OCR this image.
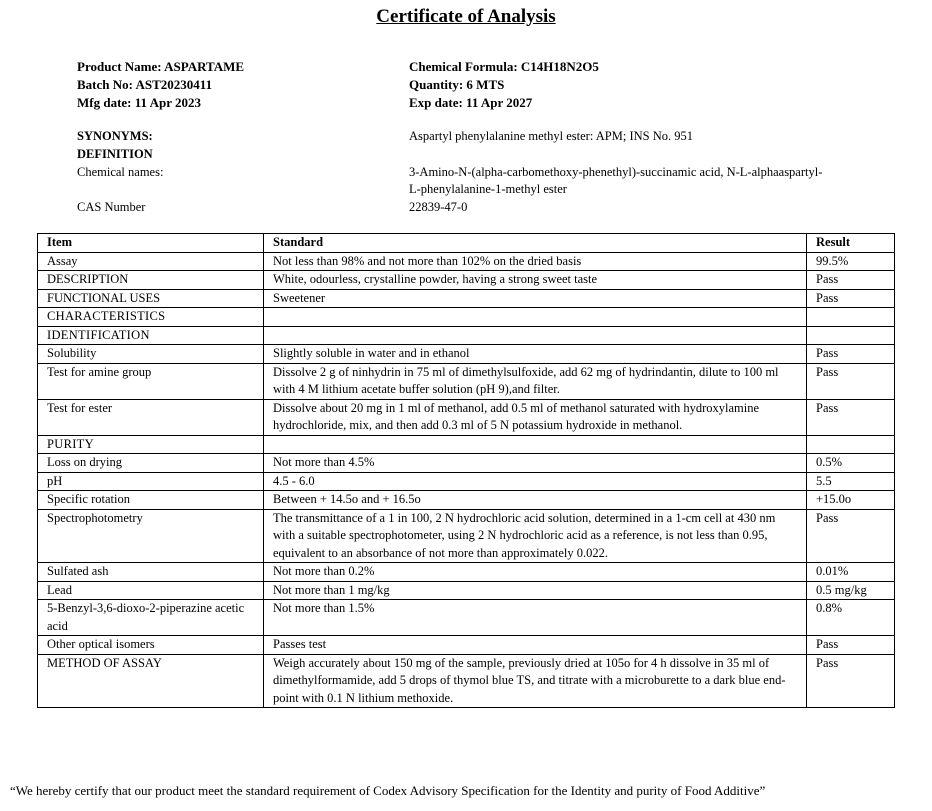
Certificate of Analysis
Product Name: ASPARTAME
Batch No: AST20230411
Mfg date: 11 Apr 2023
Chemical Formula: C14H18N2O5
Quantity: 6 MTS
Exp date: 11 Apr 2027
SYNONYMS:	Aspartyl phenylalanine methyl ester: APM; INS No. 951
DEFINITION
Chemical names:	3-Amino-N-(alpha-carbomethoxy-phenethyl)-succinamic acid, N-L-alphaaspartyl-
L-phenylalanine-1-methyl ester
CAS Number	22839-47-0
Item	Standard	Result
Assay	Not less than 98% and not more than 102% on the dried basis	99.5%
DESCRIPTION	White, odourless, crystalline powder, having a strong sweet taste	Pass
FUNCTIONAL USES	Sweetener	Pass
CHARACTERISTICS		
IDENTIFICATION		
Solubility	Slightly soluble in water and in ethanol	Pass
Test for amine group	Dissolve 2 g of ninhydrin in 75 ml of dimethylsulfoxide, add 62 mg of hydrindantin, dilute to 100 ml with 4 M lithium acetate buffer solution (pH 9),and filter.	Pass
Test for ester	Dissolve about 20 mg in 1 ml of methanol, add 0.5 ml of methanol saturated with hydroxylamine hydrochloride, mix, and then add 0.3 ml of 5 N potassium hydroxide in methanol.	Pass
PURITY		
Loss on drying	Not more than 4.5%	0.5%
pH	4.5 - 6.0	5.5
Specific rotation	Between + 14.5o and + 16.5o	+15.0o
Spectrophotometry	The transmittance of a 1 in 100, 2 N hydrochloric acid solution, determined in a 1-cm cell at 430 nm with a suitable spectrophotometer, using 2 N hydrochloric acid as a reference, is not less than 0.95, equivalent to an absorbance of not more than approximately 0.022.	Pass
Sulfated ash	Not more than 0.2%	0.01%
Lead	Not more than 1 mg/kg	0.5 mg/kg
5-Benzyl-3,6-dioxo-2-piperazine acetic acid	Not more than 1.5%	0.8%
Other optical isomers	Passes test	Pass
METHOD OF ASSAY	Weigh accurately about 150 mg of the sample, previously dried at 105o for 4 h dissolve in 35 ml of dimethylformamide, add 5 drops of thymol blue TS, and titrate with a microburette to a dark blue end-point with 0.1 N lithium methoxide.	Pass
“We hereby certify that our product meet the standard requirement of Codex Advisory Specification for the Identity and purity of Food Additive”
